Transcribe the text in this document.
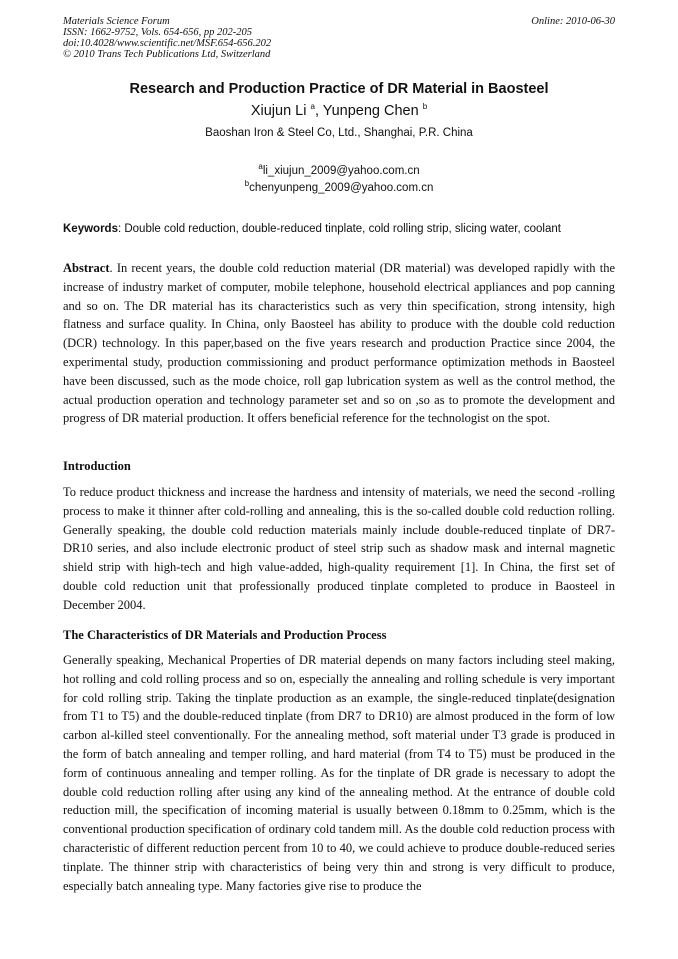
Materials Science Forum
ISSN: 1662-9752, Vols. 654-656, pp 202-205
doi:10.4028/www.scientific.net/MSF.654-656.202
© 2010 Trans Tech Publications Ltd, Switzerland
Online: 2010-06-30
Research and Production Practice of DR Material in Baosteel
Xiujun Li $^a$, Yunpeng Chen $^b$
Baoshan Iron & Steel Co, Ltd., Shanghai, P.R. China
$^a$li_xiujun_2009@yahoo.com.cn
$^b$chenyunpeng_2009@yahoo.com.cn
Keywords: Double cold reduction, double-reduced tinplate, cold rolling strip, slicing water, coolant
Abstract. In recent years, the double cold reduction material (DR material) was developed rapidly with the increase of industry market of computer, mobile telephone, household electrical appliances and pop canning and so on. The DR material has its characteristics such as very thin specification, strong intensity, high flatness and surface quality. In China, only Baosteel has ability to produce with the double cold reduction (DCR) technology. In this paper,based on the five years research and production Practice since 2004, the experimental study, production commissioning and product performance optimization methods in Baosteel have been discussed, such as the mode choice, roll gap lubrication system as well as the control method, the actual production operation and technology parameter set and so on ,so as to promote the development and progress of DR material production. It offers beneficial reference for the technologist on the spot.
Introduction
To reduce product thickness and increase the hardness and intensity of materials, we need the second -rolling process to make it thinner after cold-rolling and annealing, this is the so-called double cold reduction rolling. Generally speaking, the double cold reduction materials mainly include double-reduced tinplate of DR7-DR10 series, and also include electronic product of steel strip such as shadow mask and internal magnetic shield strip with high-tech and high value-added, high-quality requirement [1]. In China, the first set of double cold reduction unit that professionally produced tinplate completed to produce in Baosteel in December 2004.
The Characteristics of DR Materials and Production Process
Generally speaking, Mechanical Properties of DR material depends on many factors including steel making, hot rolling and cold rolling process and so on, especially the annealing and rolling schedule is very important for cold rolling strip. Taking the tinplate production as an example, the single-reduced tinplate(designation from T1 to T5) and the double-reduced tinplate (from DR7 to DR10) are almost produced in the form of low carbon al-killed steel conventionally. For the annealing method, soft material under T3 grade is produced in the form of batch annealing and temper rolling, and hard material (from T4 to T5) must be produced in the form of continuous annealing and temper rolling. As for the tinplate of DR grade is necessary to adopt the double cold reduction rolling after using any kind of the annealing method. At the entrance of double cold reduction mill, the specification of incoming material is usually between 0.18mm to 0.25mm, which is the conventional production specification of ordinary cold tandem mill. As the double cold reduction process with characteristic of different reduction percent from 10 to 40, we could achieve to produce double-reduced series tinplate. The thinner strip with characteristics of being very thin and strong is very difficult to produce, especially batch annealing type. Many factories give rise to produce the
